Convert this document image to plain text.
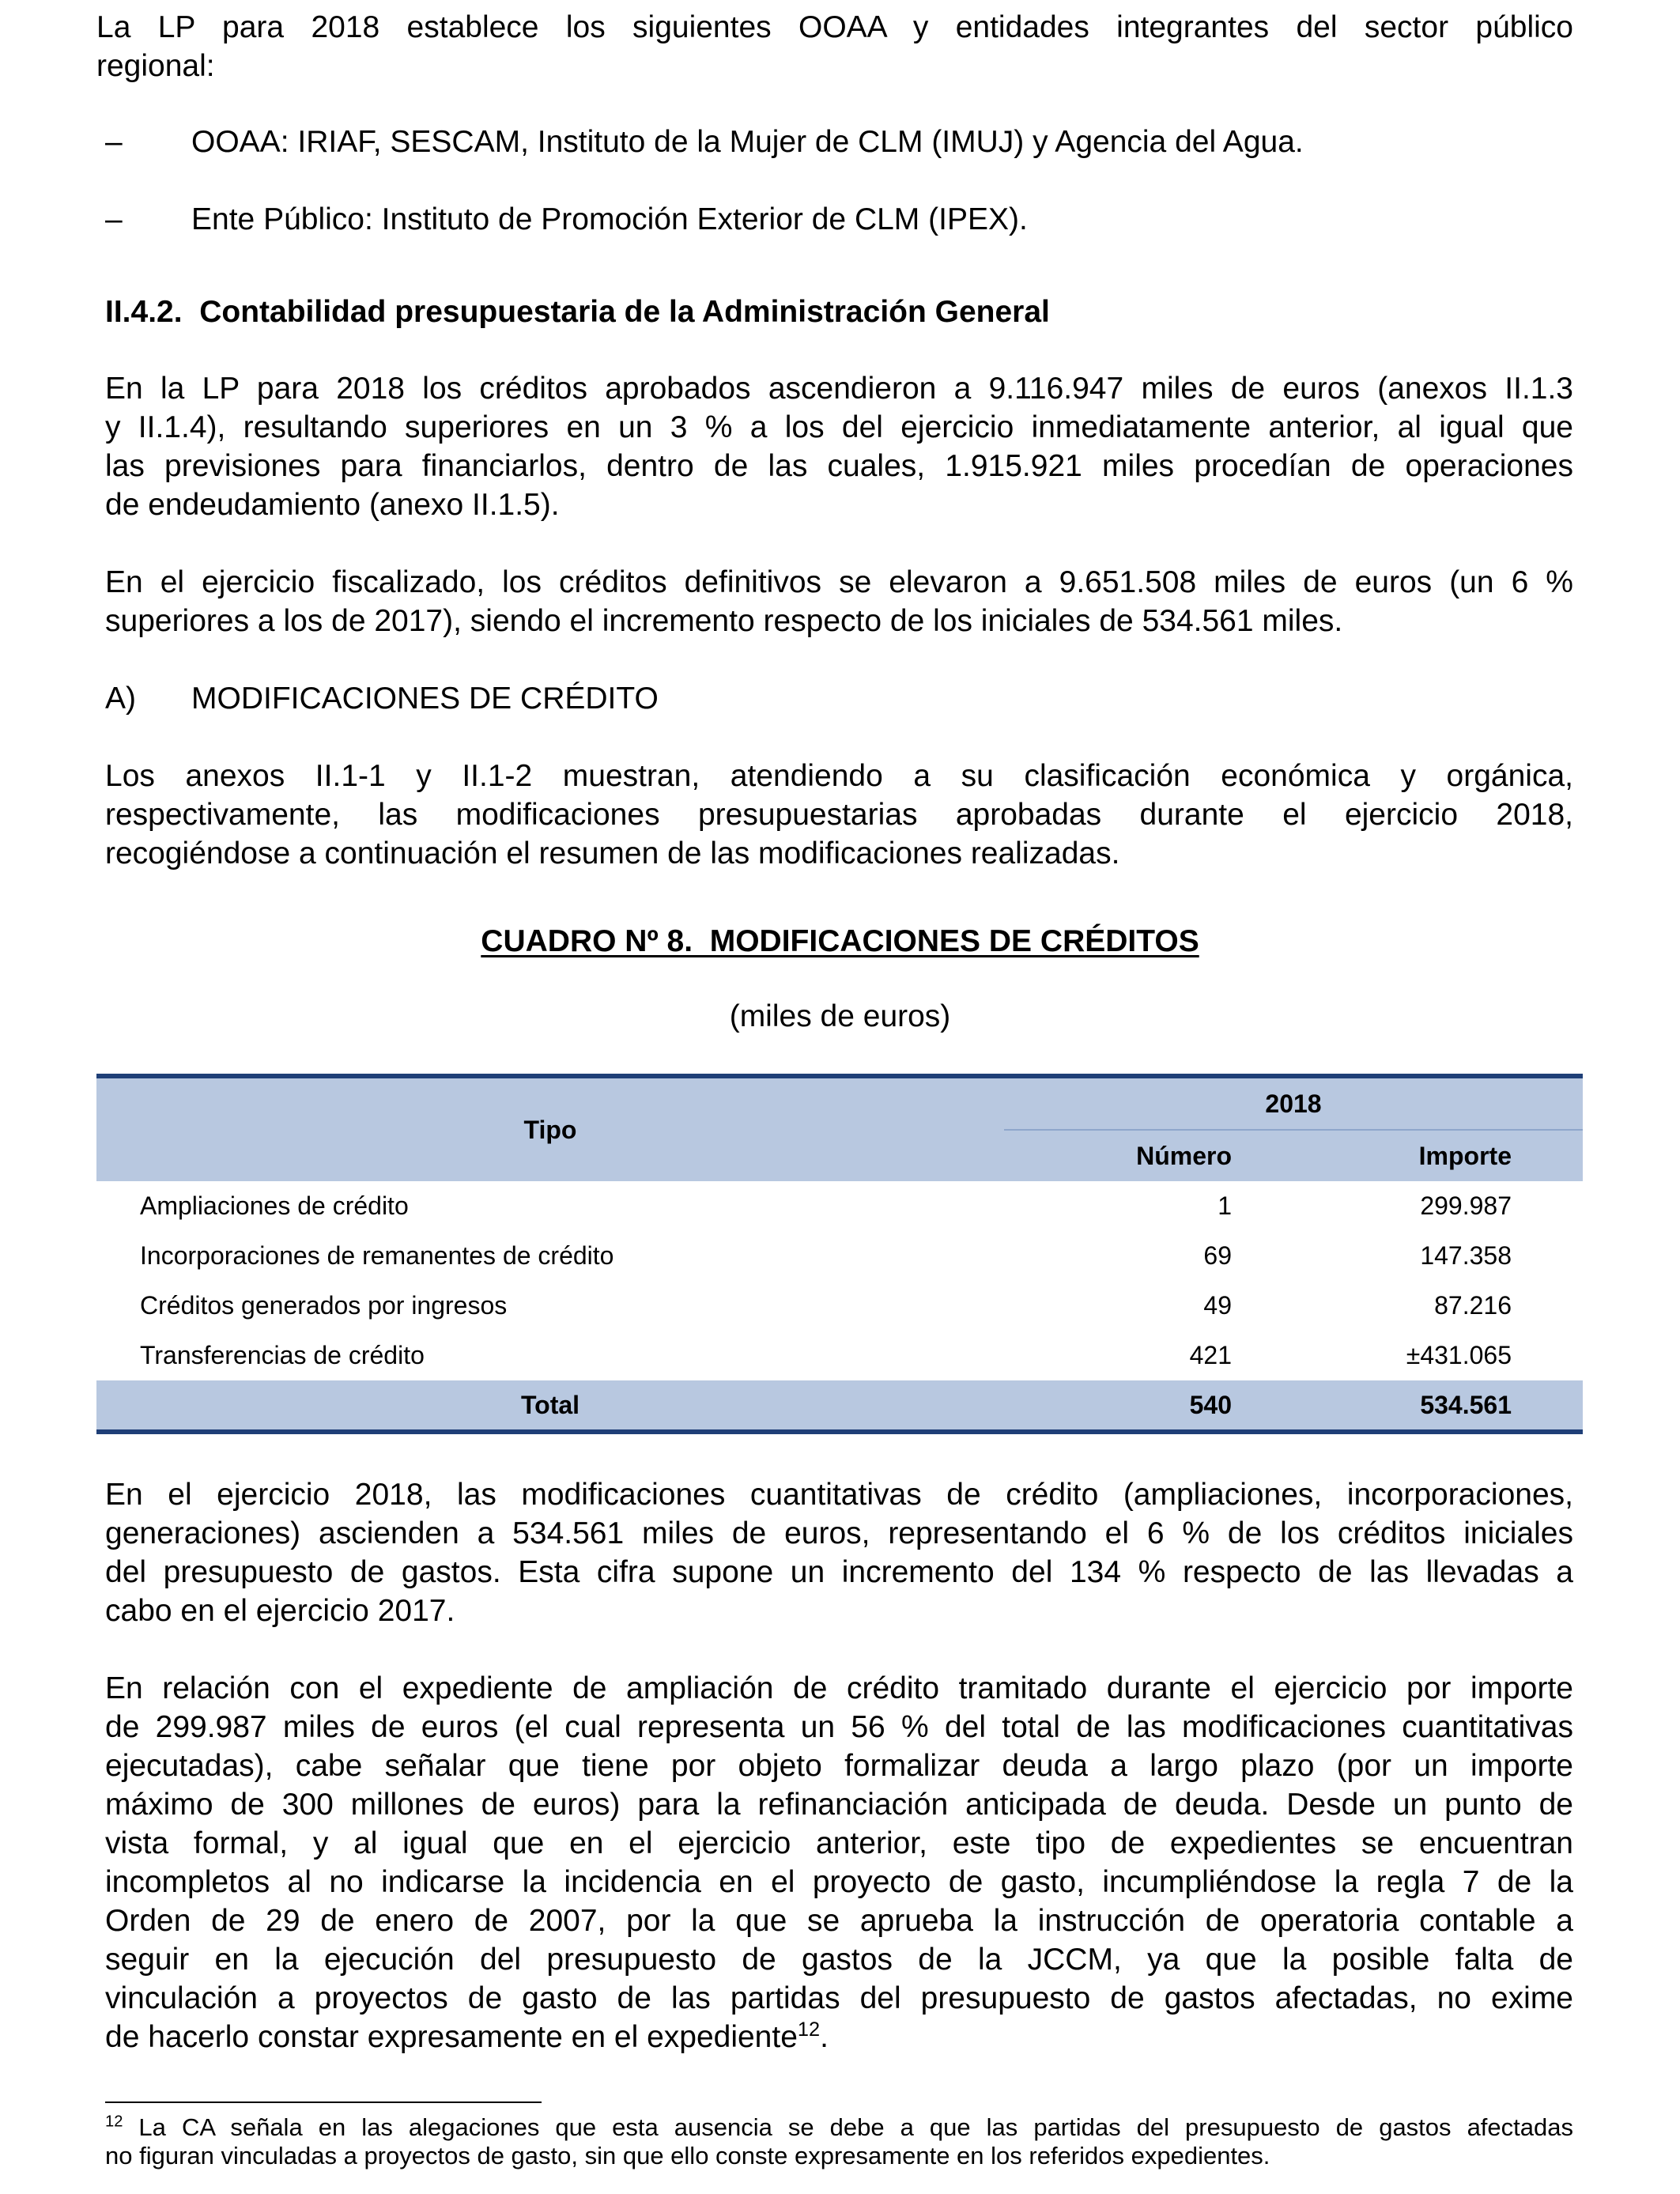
La LP para 2018 establece los siguientes OOAA y entidades integrantes del sector público
regional:
– OOAA: IRIAF, SESCAM, Instituto de la Mujer de CLM (IMUJ) y Agencia del Agua.
– Ente Público: Instituto de Promoción Exterior de CLM (IPEX).
II.4.2.  Contabilidad presupuestaria de la Administración General
En la LP para 2018 los créditos aprobados ascendieron a 9.116.947 miles de euros (anexos II.1.3
y II.1.4), resultando superiores en un 3 % a los del ejercicio inmediatamente anterior, al igual que
las previsiones para financiarlos, dentro de las cuales, 1.915.921 miles procedían de operaciones
de endeudamiento (anexo II.1.5).
En el ejercicio fiscalizado, los créditos definitivos se elevaron a 9.651.508 miles de euros (un 6 %
superiores a los de 2017), siendo el incremento respecto de los iniciales de 534.561 miles.
A) MODIFICACIONES DE CRÉDITO
Los anexos II.1-1 y II.1-2 muestran, atendiendo a su clasificación económica y orgánica,
respectivamente, las modificaciones presupuestarias aprobadas durante el ejercicio 2018,
recogiéndose a continuación el resumen de las modificaciones realizadas.
CUADRO Nº 8.  MODIFICACIONES DE CRÉDITOS
(miles de euros)
Tipo	2018	
	Número	Importe
Ampliaciones de crédito	1	299.987
Incorporaciones de remanentes de crédito	69	147.358
Créditos generados por ingresos	49	87.216
Transferencias de crédito	421	±431.065
Total	540	534.561
En el ejercicio 2018, las modificaciones cuantitativas de crédito (ampliaciones, incorporaciones,
generaciones) ascienden a 534.561 miles de euros, representando el 6 % de los créditos iniciales
del presupuesto de gastos. Esta cifra supone un incremento del 134 % respecto de las llevadas a
cabo en el ejercicio 2017.
En relación con el expediente de ampliación de crédito tramitado durante el ejercicio por importe
de 299.987 miles de euros (el cual representa un 56 % del total de las modificaciones cuantitativas
ejecutadas), cabe señalar que tiene por objeto formalizar deuda a largo plazo (por un importe
máximo de 300 millones de euros) para la refinanciación anticipada de deuda. Desde un punto de
vista formal, y al igual que en el ejercicio anterior, este tipo de expedientes se encuentran
incompletos al no indicarse la incidencia en el proyecto de gasto, incumpliéndose la regla 7 de la
Orden de 29 de enero de 2007, por la que se aprueba la instrucción de operatoria contable a
seguir en la ejecución del presupuesto de gastos de la JCCM, ya que la posible falta de
vinculación a proyectos de gasto de las partidas del presupuesto de gastos afectadas, no exime
de hacerlo constar expresamente en el expediente$^{12}$.
$^{12}$ La CA señala en las alegaciones que esta ausencia se debe a que las partidas del presupuesto de gastos afectadas
no figuran vinculadas a proyectos de gasto, sin que ello conste expresamente en los referidos expedientes.
